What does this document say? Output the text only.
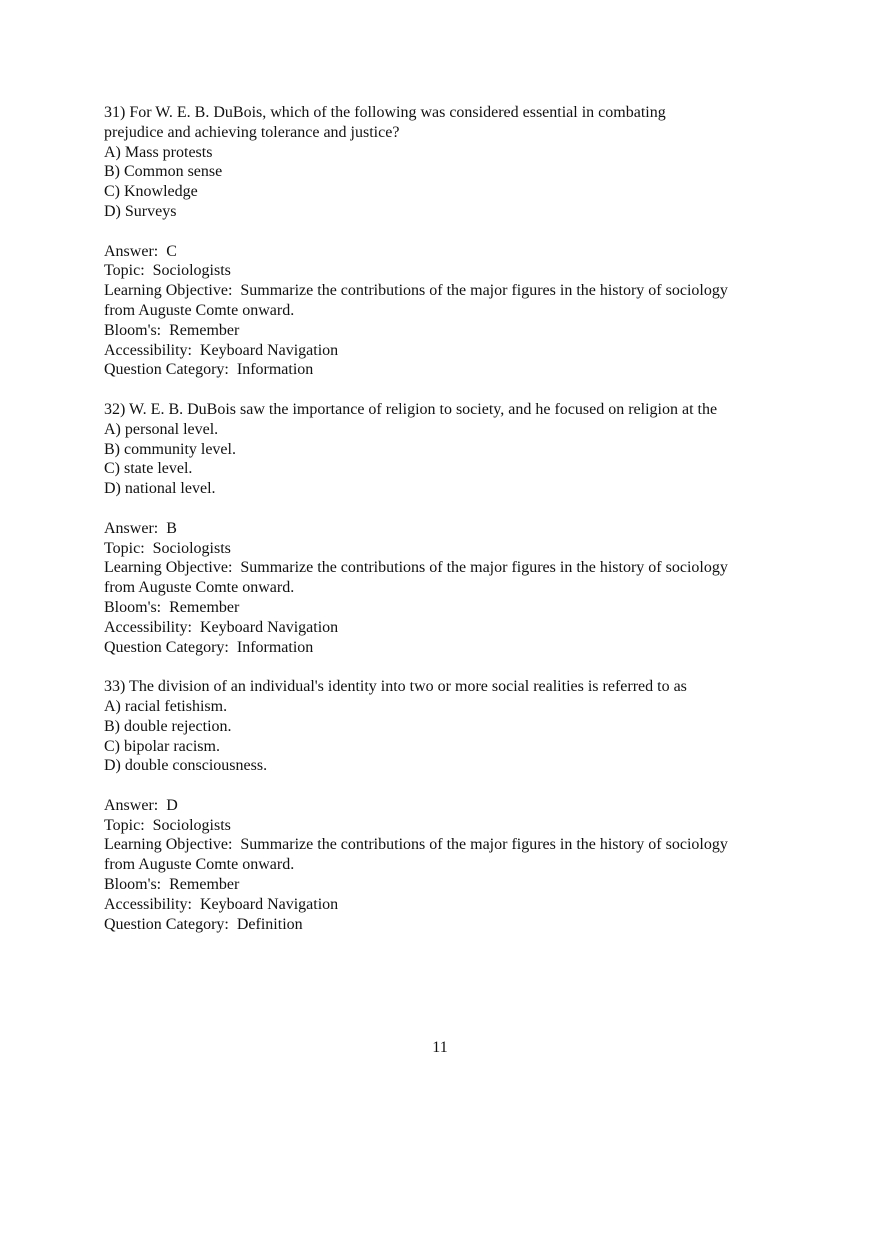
31) For W. E. B. DuBois, which of the following was considered essential in combating
prejudice and achieving tolerance and justice?
A) Mass protests
B) Common sense
C) Knowledge
D) Surveys
Answer:  C
Topic:  Sociologists
Learning Objective:  Summarize the contributions of the major figures in the history of sociology
from Auguste Comte onward.
Bloom's:  Remember
Accessibility:  Keyboard Navigation
Question Category:  Information
32) W. E. B. DuBois saw the importance of religion to society, and he focused on religion at the
A) personal level.
B) community level.
C) state level.
D) national level.
Answer:  B
Topic:  Sociologists
Learning Objective:  Summarize the contributions of the major figures in the history of sociology
from Auguste Comte onward.
Bloom's:  Remember
Accessibility:  Keyboard Navigation
Question Category:  Information
33) The division of an individual's identity into two or more social realities is referred to as
A) racial fetishism.
B) double rejection.
C) bipolar racism.
D) double consciousness.
Answer:  D
Topic:  Sociologists
Learning Objective:  Summarize the contributions of the major figures in the history of sociology
from Auguste Comte onward.
Bloom's:  Remember
Accessibility:  Keyboard Navigation
Question Category:  Definition
11
